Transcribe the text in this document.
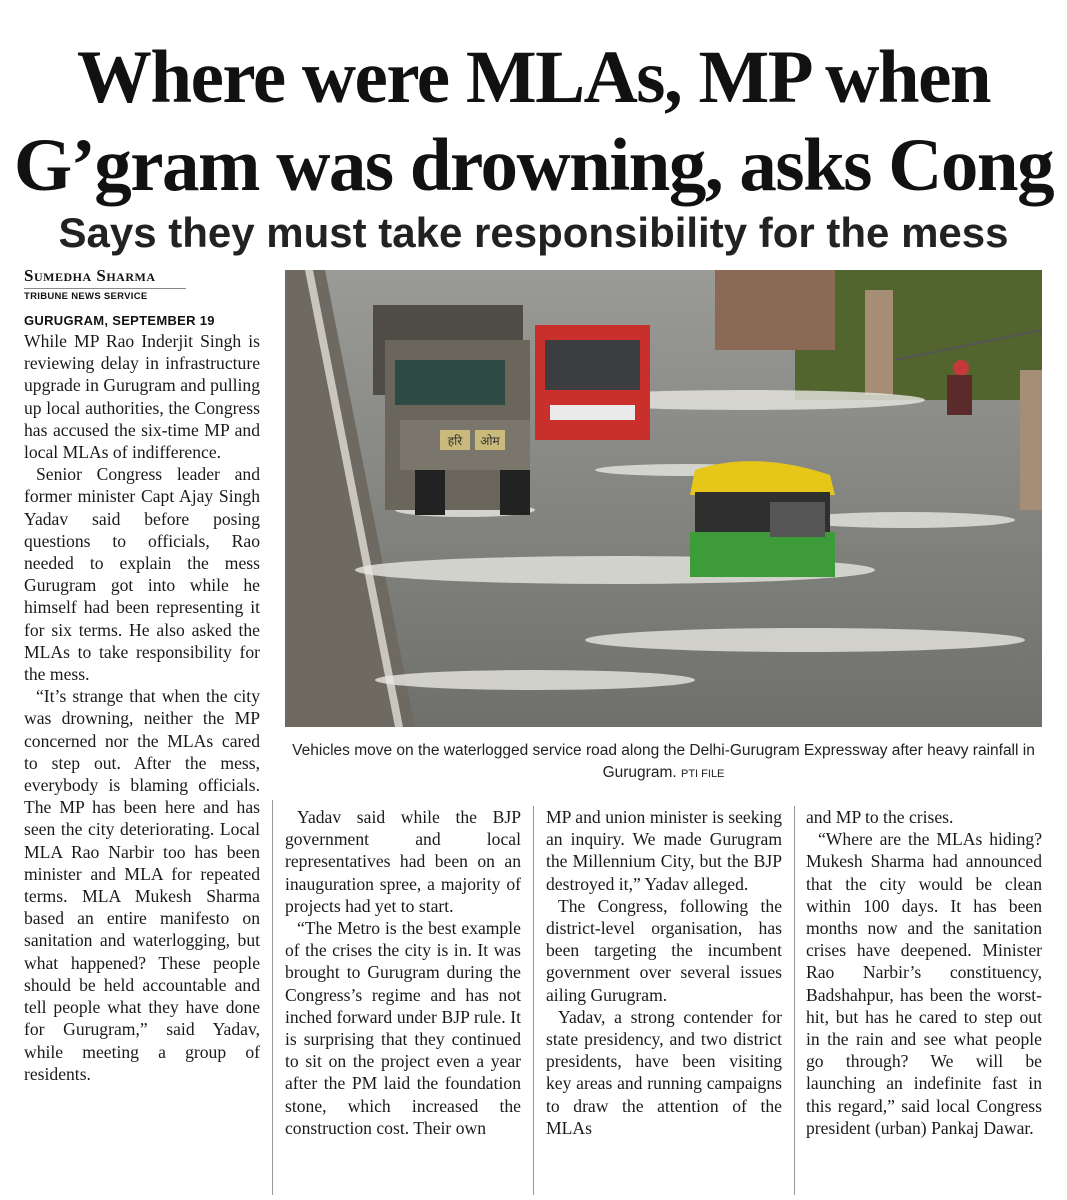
Where were MLAs, MP when
G’gram was drowning, asks Cong
Says they must take responsibility for the mess
Sumedha Sharma
TRIBUNE NEWS SERVICE
GURUGRAM, SEPTEMBER 19

While MP Rao Inderjit Singh is reviewing delay in infrastructure upgrade in Gurugram and pulling up local authorities, the Congress has accused the six-time MP and local MLAs of indifference.

Senior Congress leader and former minister Capt Ajay Singh Yadav said before posing questions to officials, Rao needed to explain the mess Gurugram got into while he himself had been representing it for six terms. He also asked the MLAs to take responsibility for the mess.

“It’s strange that when the city was drowning, neither the MP concerned nor the MLAs cared to step out. After the mess, everybody is blaming officials. The MP has been here and has seen the city deteriorating. Local MLA Rao Narbir too has been minister and MLA for repeated terms. MLA Mukesh Sharma based an entire manifesto on sanitation and waterlogging, but what happened? These people should be held accountable and tell people what they have done for Gurugram,” said Yadav, while meeting a group of residents.

हरि ओम
Vehicles move on the waterlogged service road along the Delhi-Gurugram Expressway after heavy rainfall in Gurugram. PTI FILE

Yadav said while the BJP government and local representatives had been on an inauguration spree, a majority of projects had yet to start.

“The Metro is the best example of the crises the city is in. It was brought to Gurugram during the Congress’s regime and has not inched forward under BJP rule. It is surprising that they continued to sit on the project even a year after the PM laid the foundation stone, which increased the construction cost. Their own

MP and union minister is seeking an inquiry. We made Gurugram the Millennium City, but the BJP destroyed it,” Yadav alleged.

The Congress, following the district-level organisation, has been targeting the incumbent government over several issues ailing Gurugram.

Yadav, a strong contender for state presidency, and two district presidents, have been visiting key areas and running campaigns to draw the attention of the MLAs

and MP to the crises.

“Where are the MLAs hiding? Mukesh Sharma had announced that the city would be clean within 100 days. It has been months now and the sanitation crises have deepened. Minister Rao Narbir’s constituency, Badshahpur, has been the worst-hit, but has he cared to step out in the rain and see what people go through? We will be launching an indefinite fast in this regard,” said local Congress president (urban) Pankaj Dawar.
